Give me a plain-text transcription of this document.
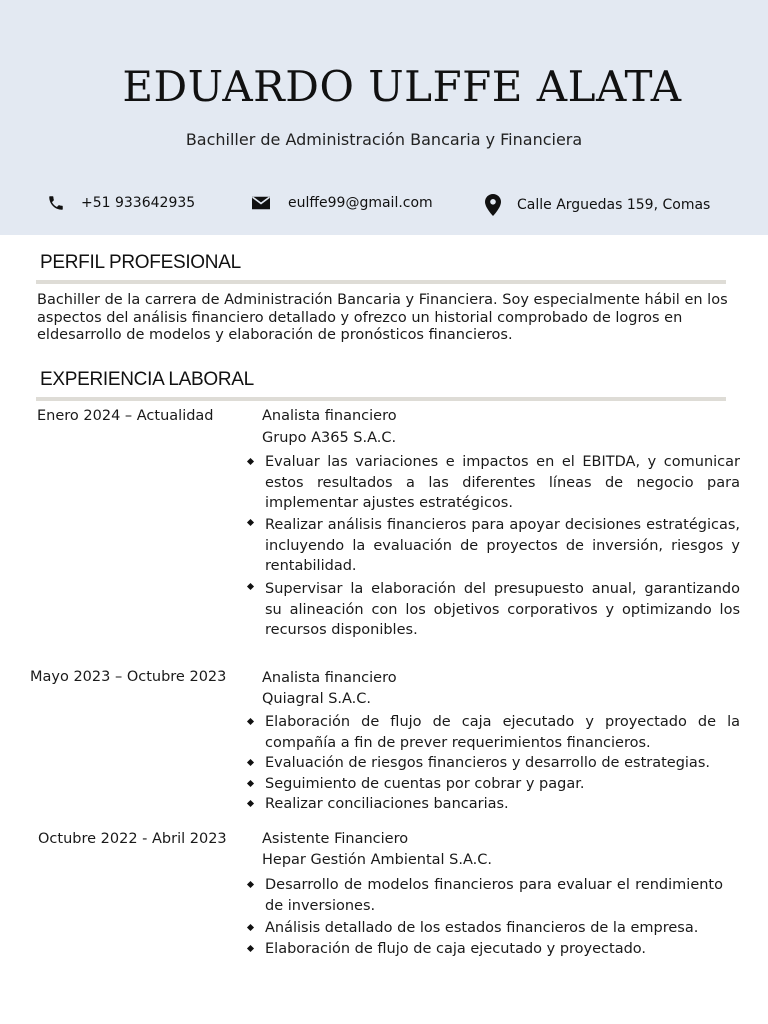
EDUARDO ULFFE ALATA
Bachiller de Administración Bancaria y Financiera
+51 933642935	eulffe99@gmail.com	Calle Arguedas 159, Comas
PERFIL PROFESIONAL
Bachiller de la carrera de Administración Bancaria y Financiera. Soy especialmente hábil en los aspectos del análisis financiero detallado y ofrezco un historial comprobado de logros en eldesarrollo de modelos y elaboración de pronósticos financieros.
EXPERIENCIA LABORAL
Enero 2024 – Actualidad	Analista financiero
Grupo A365 S.A.C.
Evaluar las variaciones e impactos en el EBITDA, y comunicar estos resultados a las diferentes líneas de negocio para implementar ajustes estratégicos.
Realizar análisis financieros para apoyar decisiones estratégicas, incluyendo la evaluación de proyectos de inversión, riesgos y rentabilidad.
Supervisar la elaboración del presupuesto anual, garantizando su alineación con los objetivos corporativos y optimizando los recursos disponibles.
Mayo 2023 – Octubre 2023 Analista financiero
Quiagral S.A.C.
Elaboración de flujo de caja ejecutado y proyectado de la compañía a fin de prever requerimientos financieros.
Evaluación de riesgos financieros y desarrollo de estrategias.
Seguimiento de cuentas por cobrar y pagar.
Realizar conciliaciones bancarias.
Octubre 2022 - Abril 2023 Asistente Financiero
Hepar Gestión Ambiental S.A.C.
Desarrollo de modelos financieros para evaluar el rendimiento de inversiones.
Análisis detallado de los estados financieros de la empresa.
Elaboración de flujo de caja ejecutado y proyectado.
